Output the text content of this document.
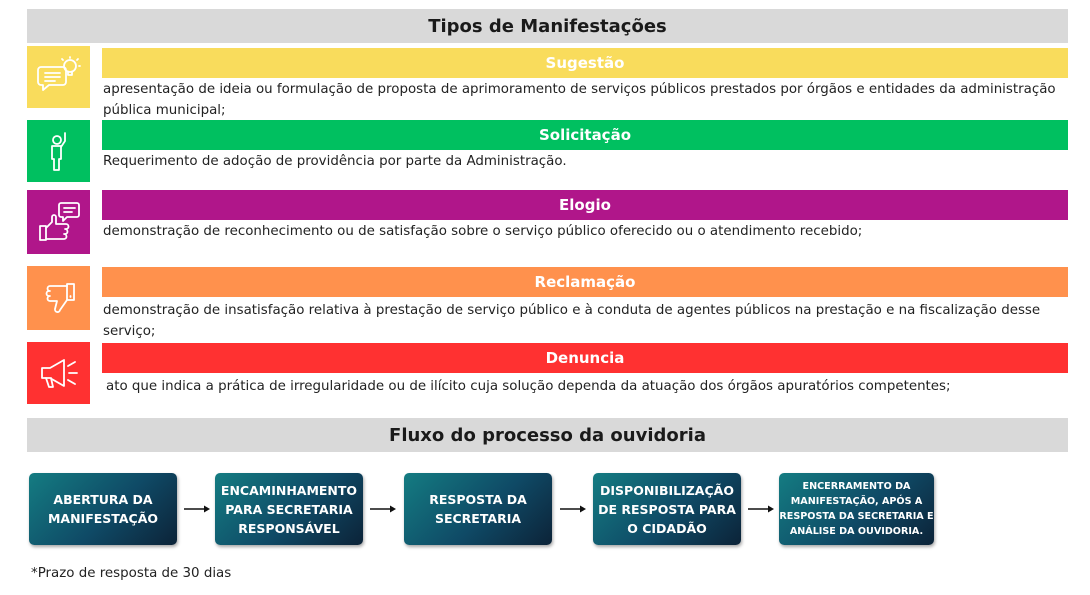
Tipos de Manifestações
Sugestão
apresentação de ideia ou formulação de proposta de aprimoramento de serviços públicos prestados por órgãos e entidades da administração pública municipal;
Solicitação
Requerimento de adoção de providência por parte da Administração.
Elogio
demonstração de reconhecimento ou de satisfação sobre o serviço público oferecido ou o atendimento recebido;
Reclamação
demonstração de insatisfação relativa à prestação de serviço público e à conduta de agentes públicos na prestação e na fiscalização desse serviço;
Denuncia
ato que indica a prática de irregularidade ou de ilícito cuja solução dependa da atuação dos órgãos apuratórios competentes;
Fluxo do processo da ouvidoria
ABERTURA DA
MANIFESTAÇÃO
ENCAMINHAMENTO
PARA SECRETARIA
RESPONSÁVEL
RESPOSTA DA
SECRETARIA
DISPONIBILIZAÇÃO
DE RESPOSTA PARA
O CIDADÃO
ENCERRAMENTO DA
MANIFESTAÇÃO, APÓS A
RESPOSTA DA SECRETARIA E
ANÁLISE DA OUVIDORIA.
*Prazo de resposta de 30 dias
